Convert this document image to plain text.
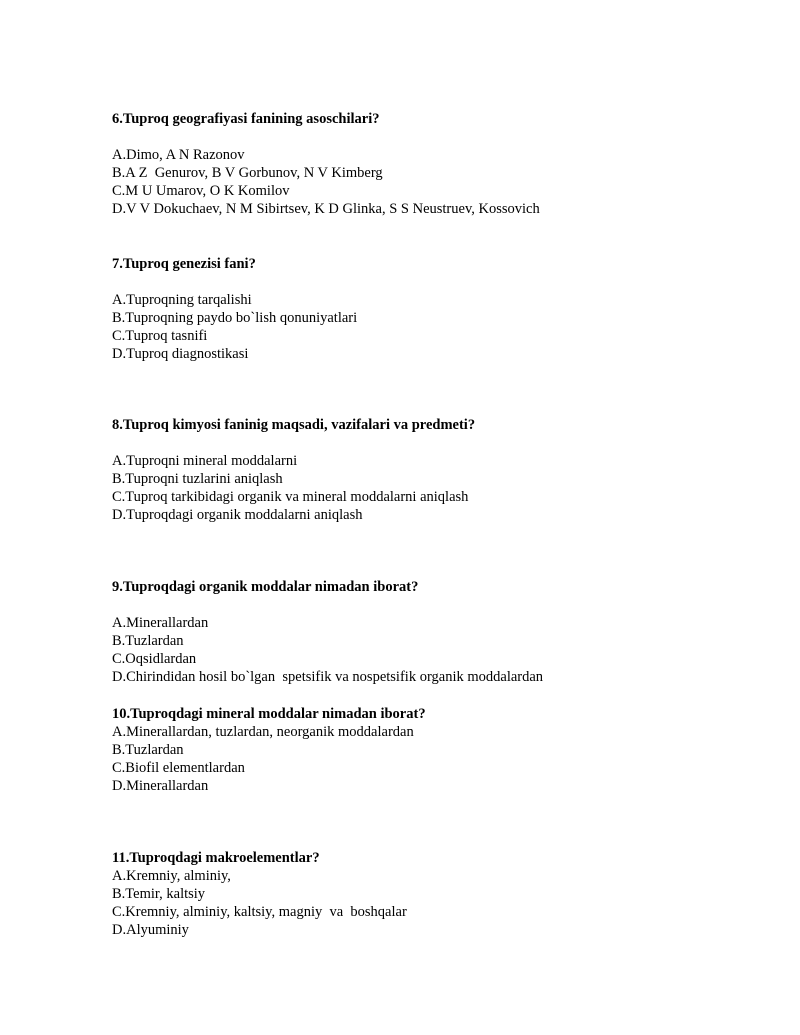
6.Tuproq geografiyasi fanining asoschilari?
A.Dimo, A N Razonov
B.A Z  Genurov, B V Gorbunov, N V Kimberg
C.M U Umarov, O K Komilov
D.V V Dokuchaev, N M Sibirtsev, K D Glinka, S S Neustruev, Kossovich
7.Tuproq genezisi fani?
A.Tuproqning tarqalishi
B.Tuproqning paydo bo`lish qonuniyatlari
C.Tuproq tasnifi
D.Tuproq diagnostikasi
8.Tuproq kimyosi faninig maqsadi, vazifalari va predmeti?
A.Tuproqni mineral moddalarni
B.Tuproqni tuzlarini aniqlash
C.Tuproq tarkibidagi organik va mineral moddalarni aniqlash
D.Tuproqdagi organik moddalarni aniqlash
9.Tuproqdagi organik moddalar nimadan iborat?
A.Minerallardan
B.Tuzlardan
C.Oqsidlardan
D.Chirindidan hosil bo`lgan  spetsifik va nospetsifik organik moddalardan
10.Tuproqdagi mineral moddalar nimadan iborat?
A.Minerallardan, tuzlardan, neorganik moddalardan
B.Tuzlardan
C.Biofil elementlardan
D.Minerallardan
11.Tuproqdagi makroelementlar?
A.Kremniy, alminiy,
B.Temir, kaltsiy
C.Kremniy, alminiy, kaltsiy, magniy  va  boshqalar
D.Alyuminiy
